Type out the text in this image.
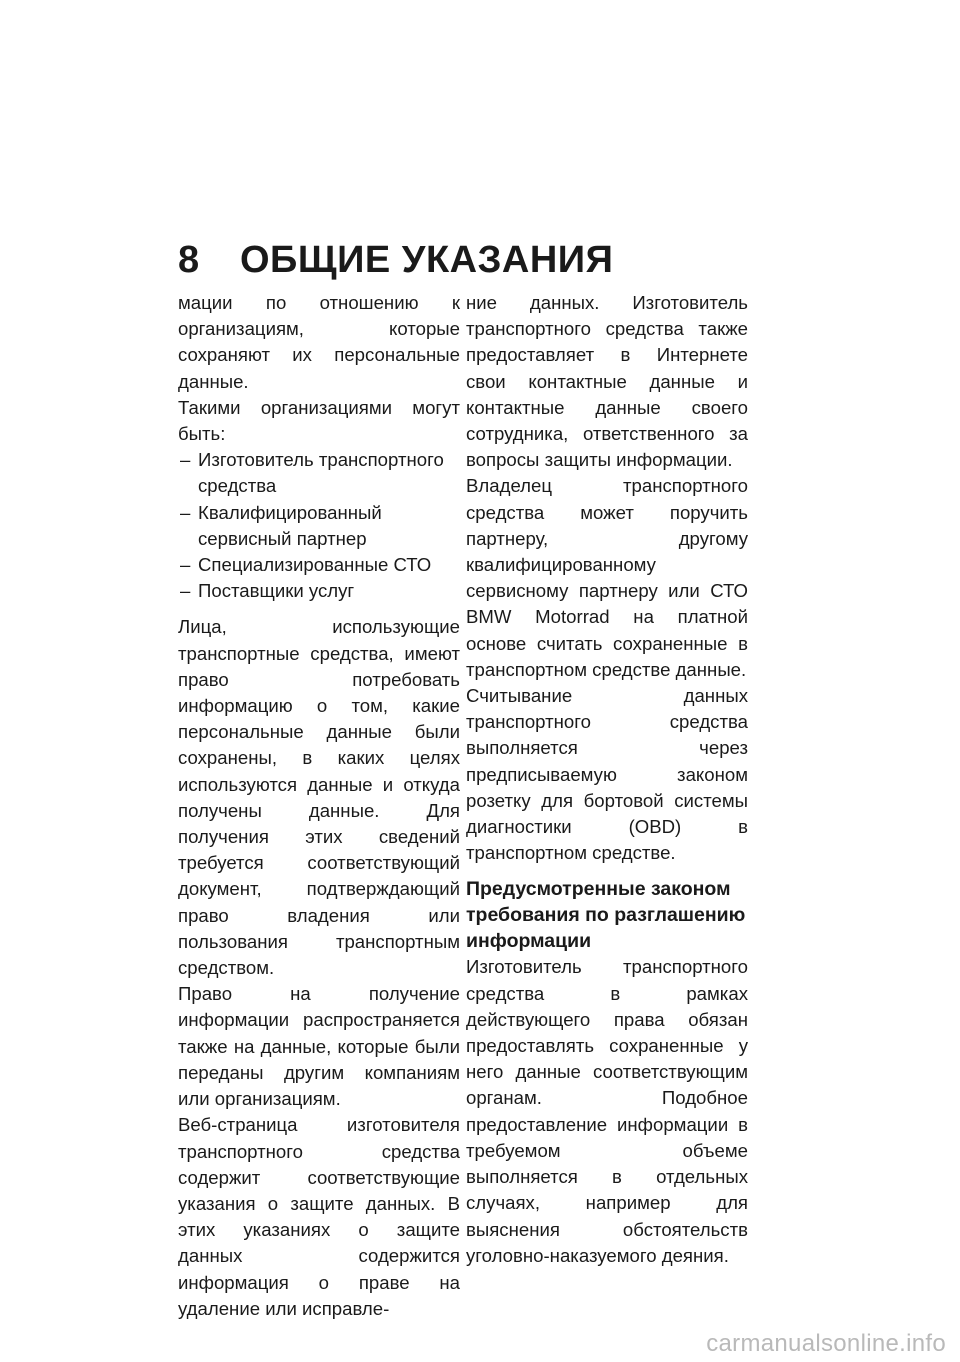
8 ОБЩИЕ УКАЗАНИЯ

мации по отношению к организациям, которые сохраняют их персональные данные.

Такими организациями могут быть:

– Изготовитель транспортного средства
– Квалифицированный сервисный партнер
– Специализированные СТО
– Поставщики услуг

Лица, использующие транспортные средства, имеют право потребовать информацию о том, какие персональные данные были сохранены, в каких целях используются данные и откуда получены данные. Для получения этих сведений требуется соответствующий документ, подтверждающий право владения или пользования транспортным средством.

Право на получение информации распространяется также на данные, которые были переданы другим компаниям или организациям.

Веб-страница изготовителя транспортного средства содержит соответствующие указания о защите данных. В этих указаниях о защите данных содержится информация о праве на удаление или исправле-

ние данных. Изготовитель транспортного средства также предоставляет в Интернете свои контактные данные и контактные данные своего сотрудника, ответственного за вопросы защиты информации.

Владелец транспортного средства может поручить партнеру, другому квалифицированному сервисному партнеру или СТО BMW Motorrad на платной основе считать сохраненные в транспортном средстве данные.

Считывание данных транспортного средства выполняется через предписываемую законом розетку для бортовой системы диагностики (OBD) в транспортном средстве.

Предусмотренные законом требования по разглашению информации

Изготовитель транспортного средства в рамках действующего права обязан предоставлять сохраненные у него данные соответствующим органам. Подобное предоставление информации в требуемом объеме выполняется в отдельных случаях, например для выяснения обстоятельств уголовно-наказуемого деяния.

carmanualsonline.info
